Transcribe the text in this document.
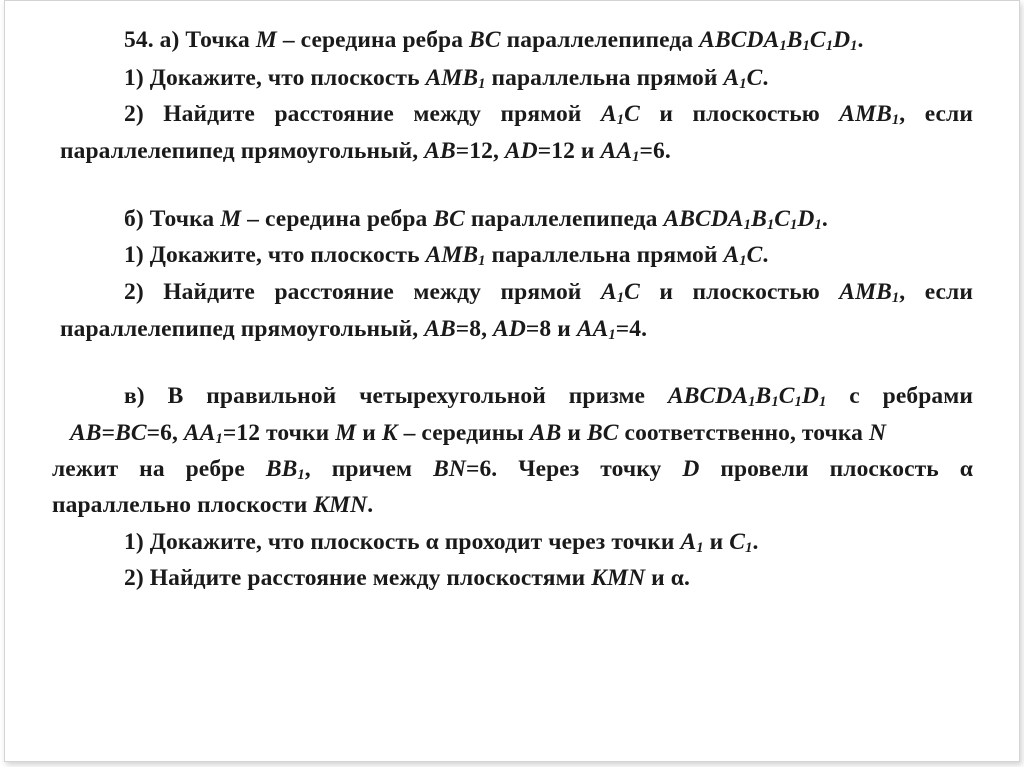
54. а) Точка M – середина ребра BC параллелепипеда $ABCDA_1B_1C_1D_1$.
1) Докажите, что плоскость $AMB_1$ параллельна прямой $A_1C$.
2) Найдите расстояние между прямой $A_1C$ и плоскостью $AMB_1$, если
параллелепипед прямоугольный, AB=12, AD=12 и $AA_1=6$.
б) Точка M – середина ребра BC параллелепипеда $ABCDA_1B_1C_1D_1$.
1) Докажите, что плоскость $AMB_1$ параллельна прямой $A_1C$.
2) Найдите расстояние между прямой $A_1C$ и плоскостью $AMB_1$, если
параллелепипед прямоугольный, AB=8, AD=8 и $AA_1=4$.
в) В правильной четырехугольной призме $ABCDA_1B_1C_1D_1$ с ребрами
AB=BC=6, $AA_1=12$ точки M и K – середины AB и BC соответственно, точка N
лежит на ребре $BB_1$, причем BN=6. Через точку D провели плоскость α
параллельно плоскости KMN.
1) Докажите, что плоскость α проходит через точки $A_1$ и $C_1$.
2) Найдите расстояние между плоскостями KMN и α.
